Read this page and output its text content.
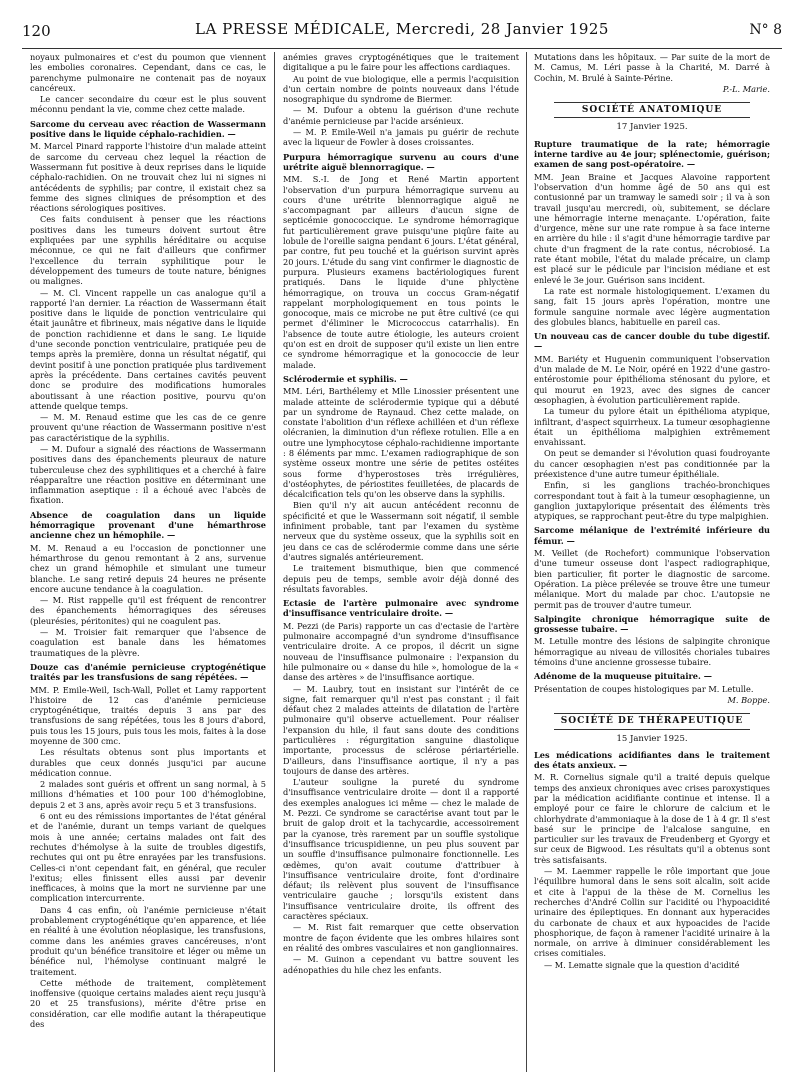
120	LA PRESSE MÉDICALE, Mercredi, 28 Janvier 1925	N° 8

noyaux pulmonaires et c'est du poumon que viennent les embolies coronaires. Cependant, dans ce cas, le parenchyme pulmonaire ne contenait pas de noyaux cancéreux.

Le cancer secondaire du cœur est le plus souvent méconnu pendant la vie, comme chez cette malade.

Sarcome du cerveau avec réaction de Wassermann positive dans le liquide céphalo-rachidien. —

M. Marcel Pinard rapporte l'histoire d'un malade atteint de sarcome du cerveau chez lequel la réaction de Wassermann fut positive à deux reprises dans le liquide céphalo-rachidien. On ne trouvait chez lui ni signes ni antécédents de syphilis; par contre, il existait chez sa femme des signes cliniques de présomption et des réactions sérologiques positives.

Ces faits conduisent à penser que les réactions positives dans les tumeurs doivent surtout être expliquées par une syphilis héréditaire ou acquise méconnue, ce qui ne fait d'ailleurs que confirmer l'excellence du terrain syphilitique pour le développement des tumeurs de toute nature, bénignes ou malignes.

— M. Cl. Vincent rappelle un cas analogue qu'il a rapporté l'an dernier. La réaction de Wassermann était positive dans le liquide de ponction ventriculaire qui était jaunâtre et fibrineux, mais négative dans le liquide de ponction rachidienne et dans le sang. Le liquide d'une seconde ponction ventriculaire, pratiquée peu de temps après la première, donna un résultat négatif, qui devint positif à une ponction pratiquée plus tardivement après la précédente. Dans certaines cavités peuvent donc se produire des modifications humorales aboutissant à une réaction positive, pourvu qu'on attende quelque temps.

— M. M. Renaud estime que les cas de ce genre prouvent qu'une réaction de Wassermann positive n'est pas caractéristique de la syphilis.

— M. Dufour a signalé des réactions de Wassermann positives dans des épanchements pleuraux de nature tuberculeuse chez des syphilitiques et a cherché à faire réapparaître une réaction positive en déterminant une inflammation aseptique : il a échoué avec l'abcès de fixation.

Absence de coagulation dans un liquide hémorragique provenant d'une hémarthrose ancienne chez un hémophile. —

M. M. Renaud a eu l'occasion de ponctionner une hémarthrose du genou remontant à 2 ans, survenue chez un grand hémophile et simulant une tumeur blanche. Le sang retiré depuis 24 heures ne présente encore aucune tendance à la coagulation.

— M. Rist rappelle qu'il est fréquent de rencontrer des épanchements hémorragiques des séreuses (pleurésies, péritonites) qui ne coagulent pas.

— M. Troisier fait remarquer que l'absence de coagulation est banale dans les hématomes traumatiques de la plèvre.

Douze cas d'anémie pernicieuse cryptogénétique traités par les transfusions de sang répétées. —

MM. P. Emile-Weil, Isch-Wall, Pollet et Lamy rapportent l'histoire de 12 cas d'anémie pernicieuse cryptogénétique, traités depuis 3 ans par des transfusions de sang répétées, tous les 8 jours d'abord, puis tous les 15 jours, puis tous les mois, faites à la dose moyenne de 300 cmc.

Les résultats obtenus sont plus importants et durables que ceux donnés jusqu'ici par aucune médication connue.

2 malades sont guéris et offrent un sang normal, à 5 millions d'hématies et 100 pour 100 d'hémoglobine, depuis 2 et 3 ans, après avoir reçu 5 et 3 transfusions.

6 ont eu des rémissions importantes de l'état général et de l'anémie, durant un temps variant de quelques mois à une année; certains malades ont fait des rechutes d'hémolyse à la suite de troubles digestifs, rechutes qui ont pu être enrayées par les transfusions. Celles-ci n'ont cependant fait, en général, que reculer l'exitus; elles finissent elles aussi par devenir inefficaces, à moins que la mort ne survienne par une complication intercurrente.

Dans 4 cas enfin, où l'anémie pernicieuse n'était probablement cryptogénétique qu'en apparence, et liée en réalité à une évolution néoplasique, les transfusions, comme dans les anémies graves cancéreuses, n'ont produit qu'un bénéfice transitoire et léger ou même un bénéfice nul, l'hémolyse continuant malgré le traitement.

Cette méthode de traitement, complètement inoffensive (quoique certains malades aient reçu jusqu'à 20 et 25 transfusions), mérite d'être prise en considération, car elle modifie autant la thérapeutique des

anémies graves cryptogénétiques que le traitement digitalique a pu le faire pour les affections cardiaques.

Au point de vue biologique, elle a permis l'acquisition d'un certain nombre de points nouveaux dans l'étude nosographique du syndrome de Biermer.

— M. Dufour a obtenu la guérison d'une rechute d'anémie pernicieuse par l'acide arsénieux.

— M. P. Emile-Weil n'a jamais pu guérir de rechute avec la liqueur de Fowler à doses croissantes.

Purpura hémorragique survenu au cours d'une urétrite aiguë blennorragique. —

MM. S.-I. de Jong et René Martin apportent l'observation d'un purpura hémorragique survenu au cours d'une urétrite blennorragique aiguë ne s'accompagnant par ailleurs d'aucun signe de septicémie gonococcique. Le syndrome hémorragique fut particulièrement grave puisqu'une piqûre faite au lobule de l'oreille saigna pendant 6 jours. L'état général, par contre, fut peu touché et la guérison survint après 20 jours. L'étude du sang vint confirmer le diagnostic de purpura. Plusieurs examens bactériologiques furent pratiqués. Dans le liquide d'une phlyctène hémorragique, on trouva un coccus Gram-négatif rappelant morphologiquement en tous points le gonocoque, mais ce microbe ne put être cultivé (ce qui permet d'éliminer le Micrococcus catarrhalis). En l'absence de toute autre étiologie, les auteurs croient qu'on est en droit de supposer qu'il existe un lien entre ce syndrome hémorragique et la gonococcie de leur malade.

Sclérodermie et syphilis. —

MM. Léri, Barthélemy et Mlle Linossier présentent une malade atteinte de sclérodermie typique qui a débuté par un syndrome de Raynaud. Chez cette malade, on constate l'abolition d'un réflexe achilléen et d'un réflexe olécranien, la diminution d'un réflexe rotulien. Elle a en outre une lymphocytose céphalo-rachidienne importante : 8 éléments par mmc. L'examen radiographique de son système osseux montre une série de petites ostéites sous forme d'hyperostoses très irrégulières, d'ostéophytes, de périostites feuilletées, de placards de décalcification tels qu'on les observe dans la syphilis.

Bien qu'il n'y ait aucun antécédent reconnu de spécificité et que le Wassermann soit négatif, il semble infiniment probable, tant par l'examen du système nerveux que du système osseux, que la syphilis soit en jeu dans ce cas de sclérodermie comme dans une série d'autres signalés antérieurement.

Le traitement bismuthique, bien que commencé depuis peu de temps, semble avoir déjà donné des résultats favorables.

Ectasie de l'artère pulmonaire avec syndrome d'insuffisance ventriculaire droite. —

M. Pezzi (de Paris) rapporte un cas d'ectasie de l'artère pulmonaire accompagné d'un syndrome d'insuffisance ventriculaire droite. A ce propos, il décrit un signe nouveau de l'insuffisance pulmonaire : l'expansion du hile pulmonaire ou « danse du hile », homologue de la « danse des artères » de l'insuffisance aortique.

— M. Laubry, tout en insistant sur l'intérêt de ce signe, fait remarquer qu'il n'est pas constant ; il fait défaut chez 2 malades atteints de dilatation de l'artère pulmonaire qu'il observe actuellement. Pour réaliser l'expansion du hile, il faut sans doute des conditions particulières : régurgitation sanguine diastolique importante, processus de sclérose périartérielle. D'ailleurs, dans l'insuffisance aortique, il n'y a pas toujours de danse des artères.

L'auteur souligne la pureté du syndrome d'insuffisance ventriculaire droite — dont il a rapporté des exemples analogues ici même — chez le malade de M. Pezzi. Ce syndrome se caractérise avant tout par le bruit de galop droit et la tachycardie, accessoirement par la cyanose, très rarement par un souffle systolique d'insuffisance tricuspidienne, un peu plus souvent par un souffle d'insuffisance pulmonaire fonctionnelle. Les œdèmes, qu'on avait coutume d'attribuer à l'insuffisance ventriculaire droite, font d'ordinaire défaut; ils relèvent plus souvent de l'insuffisance ventriculaire gauche ; lorsqu'ils existent dans l'insuffisance ventriculaire droite, ils offrent des caractères spéciaux.

— M. Rist fait remarquer que cette observation montre de façon évidente que les ombres hilaires sont en réalité des ombres vasculaires et non ganglionnaires.

— M. Guinon a cependant vu battre souvent les adénopathies du hile chez les enfants.

Mutations dans les hôpitaux. — Par suite de la mort de M. Camus, M. Léri passe à la Charité, M. Darré à Cochin, M. Brulé à Sainte-Périne.

P.-L. Marie.

SOCIÉTÉ ANATOMIQUE
17 Janvier 1925.
Rupture traumatique de la rate; hémorragie interne tardive au 4e jour; splénectomie, guérison; examen de sang post-opératoire. —

MM. Jean Braine et Jacques Alavoine rapportent l'observation d'un homme âgé de 50 ans qui est contusionné par un tramway le samedi soir ; il va à son travail jusqu'au mercredi, où, subitement, se déclare une hémorragie interne menaçante. L'opération, faite d'urgence, mène sur une rate rompue à sa face interne en arrière du hile : il s'agit d'une hémorragie tardive par chute d'un fragment de la rate contus, nécrobiosé. La rate étant mobile, l'état du malade précaire, un clamp est placé sur le pédicule par l'incision médiane et est enlevé le 3e jour. Guérison sans incident.

La rate est normale histologiquement. L'examen du sang, fait 15 jours après l'opération, montre une formule sanguine normale avec légère augmentation des globules blancs, habituelle en pareil cas.

Un nouveau cas de cancer double du tube digestif. —

MM. Bariéty et Huguenin communiquent l'observation d'un malade de M. Le Noir, opéré en 1922 d'une gastro-entérostomie pour épithélioma sténosant du pylore, et qui mourut en 1923, avec des signes de cancer œsophagien, à évolution particulièrement rapide.

La tumeur du pylore était un épithélioma atypique, infiltrant, d'aspect squirrheux. La tumeur œsophagienne était un épithélioma malpighien extrêmement envahissant.

On peut se demander si l'évolution quasi foudroyante du cancer œsophagien n'est pas conditionnée par la préexistence d'une autre tumeur épithéliale.

Enfin, si les ganglions trachéo-bronchiques correspondant tout à fait à la tumeur œsophagienne, un ganglion juxtapylorique présentait des éléments très atypiques, se rapprochant peut-être du type malpighien.

Sarcome mélanique de l'extrémité inférieure du fémur. —

M. Veillet (de Rochefort) communique l'observation d'une tumeur osseuse dont l'aspect radiographique, bien particulier, fit porter le diagnostic de sarcome. Opération. La pièce prélevée se trouve être une tumeur mélanique. Mort du malade par choc. L'autopsie ne permit pas de trouver d'autre tumeur.

Salpingite chronique hémorragique suite de grossesse tubaire. —

M. Letulle montre des lésions de salpingite chronique hémorragique au niveau de villosités choriales tubaires témoins d'une ancienne grossesse tubaire.

Adénome de la muqueuse pituitaire. —

Présentation de coupes histologiques par M. Letulle.

M. Boppe.

SOCIÉTÉ DE THÉRAPEUTIQUE
15 Janvier 1925.
Les médications acidifiantes dans le traitement des états anxieux. —

M. R. Cornelius signale qu'il a traité depuis quelque temps des anxieux chroniques avec crises paroxystiques par la médication acidifiante continue et intense. Il a employé pour ce faire le chlorure de calcium et le chlorhydrate d'ammoniaque à la dose de 1 à 4 gr. Il s'est basé sur le principe de l'alcalose sanguine, en particulier sur les travaux de Freudenberg et Gyorgy et sur ceux de Bigwood. Les résultats qu'il a obtenus sont très satisfaisants.

— M. Laemmer rappelle le rôle important que joue l'équilibre humoral dans le sens soit alcalin, soit acide et cite à l'appui de la thèse de M. Cornelius les recherches d'André Collin sur l'acidité ou l'hypoacidité urinaire des épileptiques. En donnant aux hyperacides du carbonate de chaux et aux hypoacides de l'acide phosphorique, de façon à ramener l'acidité urinaire à la normale, on arrive à diminuer considérablement les crises comitiales.

— M. Lematte signale que la question d'acidité
